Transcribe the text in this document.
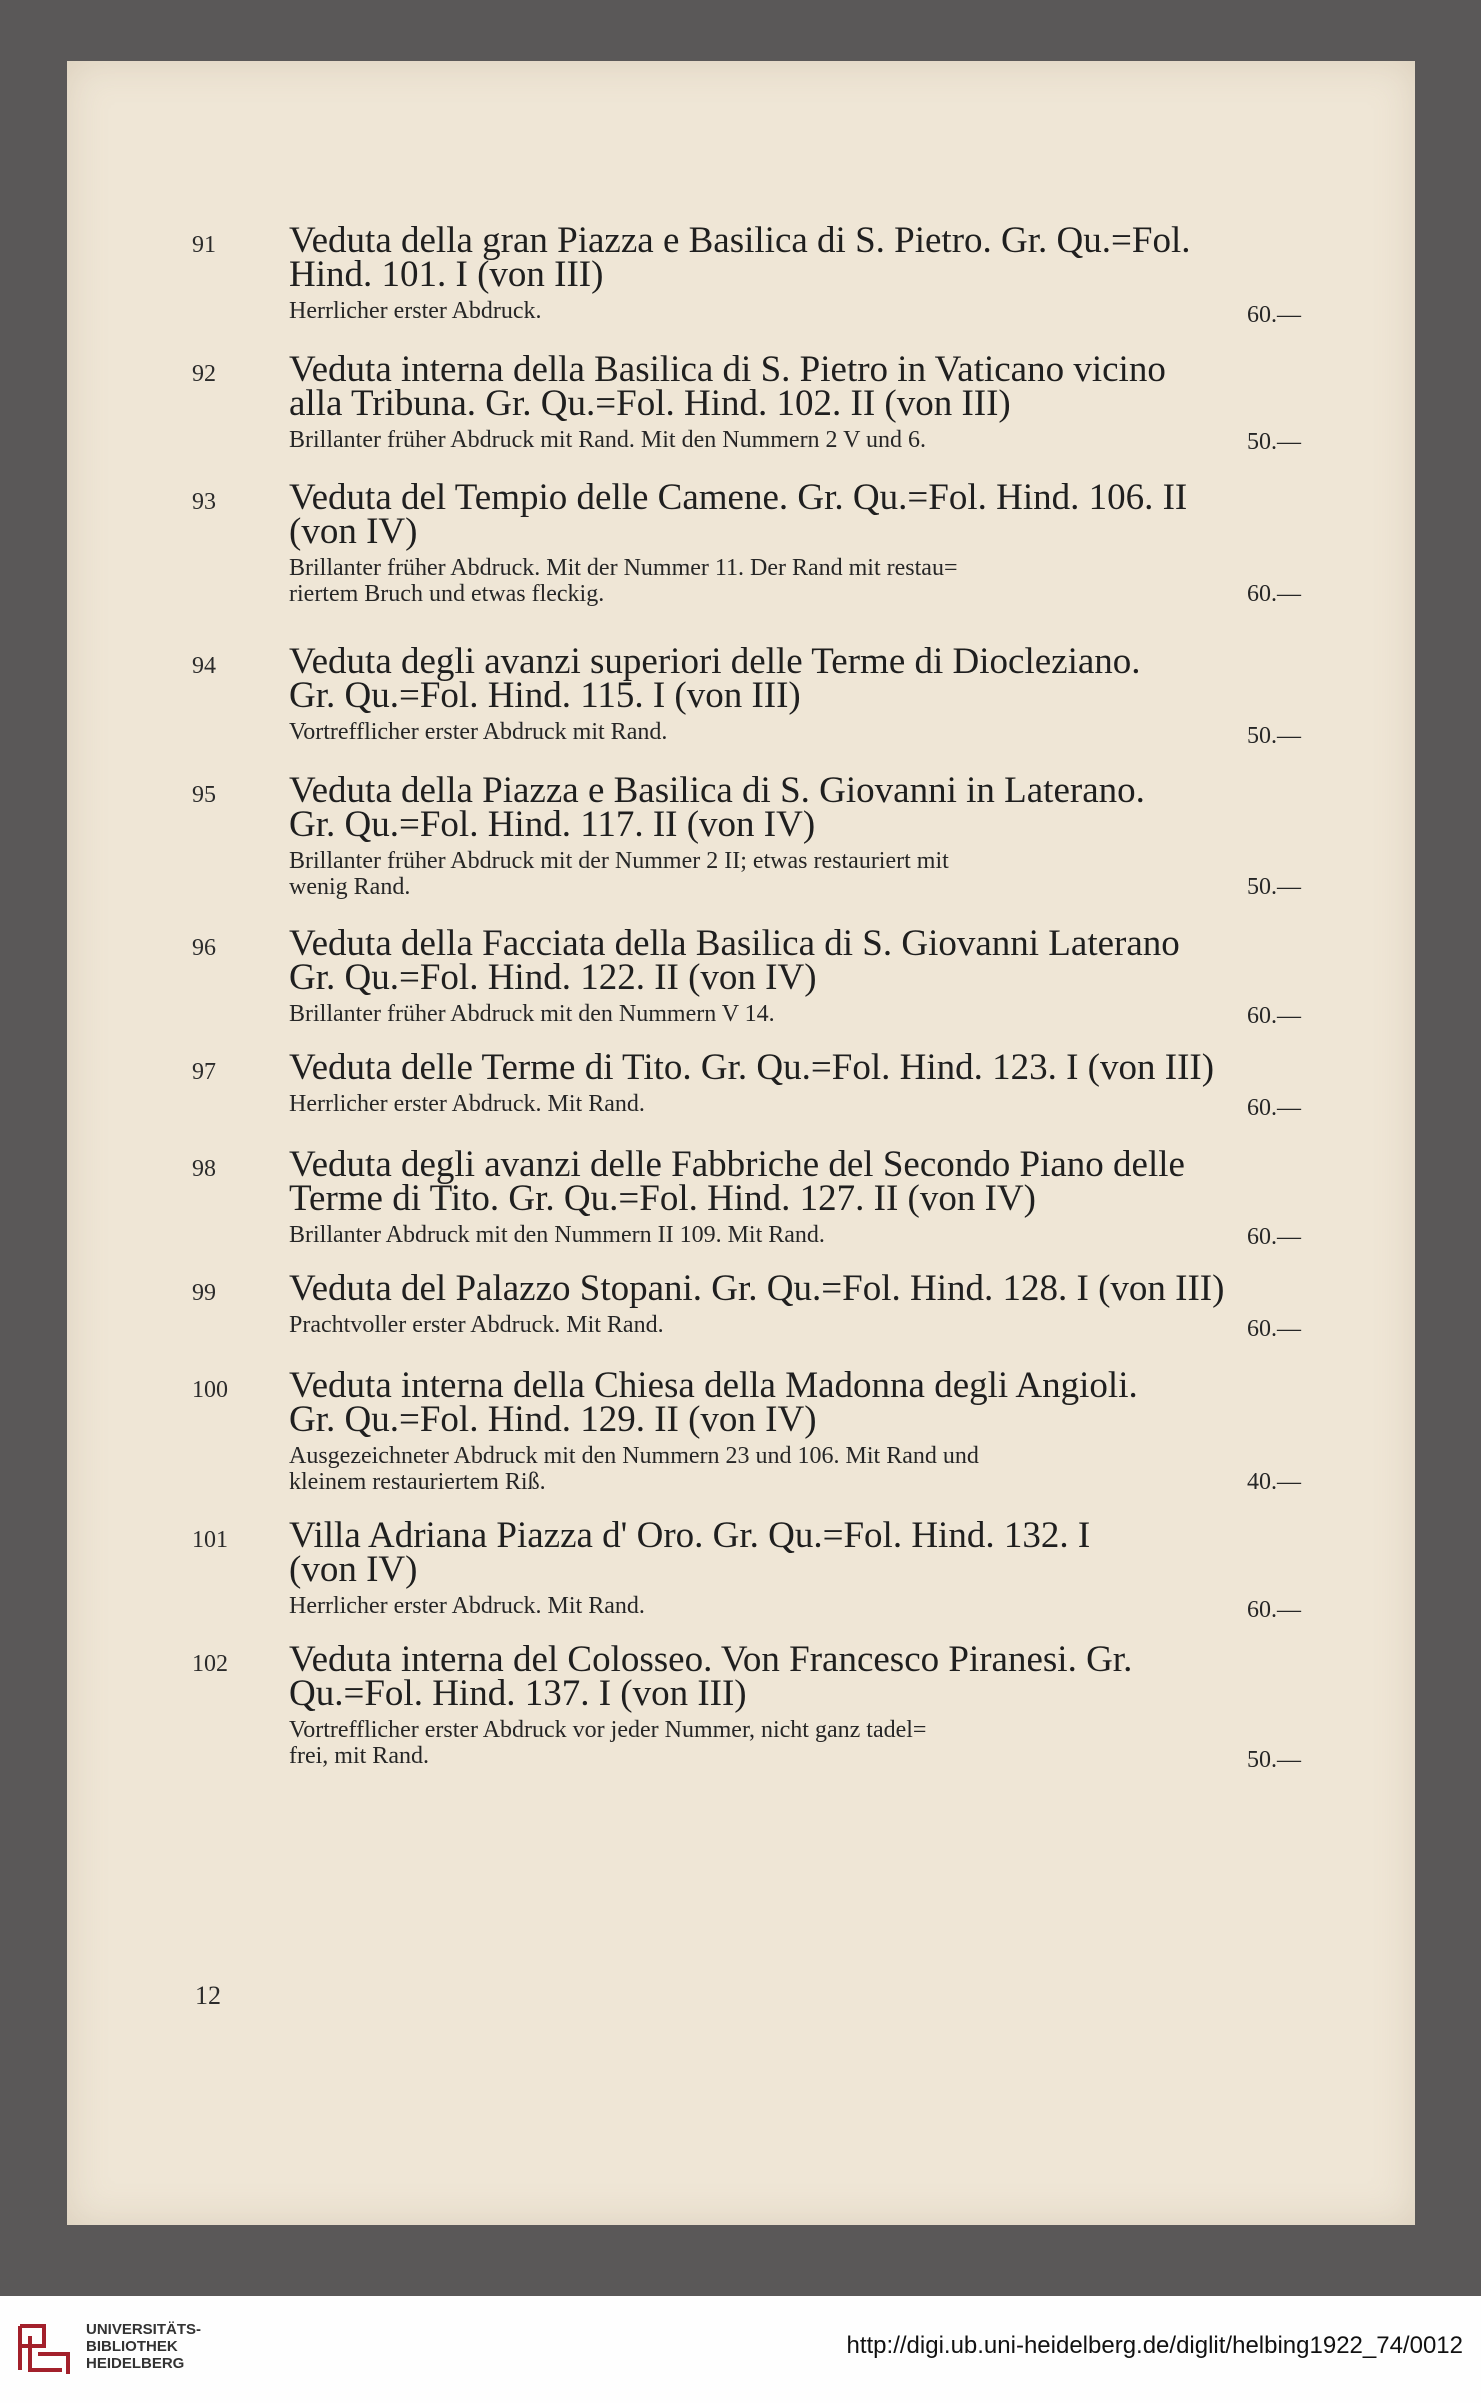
91	Veduta della gran Piazza e Basilica di S. Pietro. Gr. Qu.=Fol.
Hind. 101. I (von III)
Herrlicher erster Abdruck.	60.—
92	Veduta interna della Basilica di S. Pietro in Vaticano vicino
alla Tribuna. Gr. Qu.=Fol. Hind. 102. II (von III)
Brillanter früher Abdruck mit Rand. Mit den Nummern 2 V und 6.	50.—
93	Veduta del Tempio delle Camene. Gr. Qu.=Fol. Hind. 106. II
(von IV)
Brillanter früher Abdruck. Mit der Nummer 11. Der Rand mit restau=
riertem Bruch und etwas fleckig.	60.—
94	Veduta degli avanzi superiori delle Terme di Diocleziano.
Gr. Qu.=Fol. Hind. 115. I (von III)
Vortrefflicher erster Abdruck mit Rand.	50.—
95	Veduta della Piazza e Basilica di S. Giovanni in Laterano.
Gr. Qu.=Fol. Hind. 117. II (von IV)
Brillanter früher Abdruck mit der Nummer 2 II; etwas restauriert mit
wenig Rand.	50.—
96	Veduta della Facciata della Basilica di S. Giovanni Laterano
Gr. Qu.=Fol. Hind. 122. II (von IV)
Brillanter früher Abdruck mit den Nummern V 14.	60.—
97	Veduta delle Terme di Tito. Gr. Qu.=Fol. Hind. 123. I (von III)
Herrlicher erster Abdruck. Mit Rand.	60.—
98	Veduta degli avanzi delle Fabbriche del Secondo Piano delle
Terme di Tito. Gr. Qu.=Fol. Hind. 127. II (von IV)
Brillanter Abdruck mit den Nummern II 109. Mit Rand.	60.—
99	Veduta del Palazzo Stopani. Gr. Qu.=Fol. Hind. 128. I (von III)
Prachtvoller erster Abdruck. Mit Rand.	60.—
100	Veduta interna della Chiesa della Madonna degli Angioli.
Gr. Qu.=Fol. Hind. 129. II (von IV)
Ausgezeichneter Abdruck mit den Nummern 23 und 106. Mit Rand und
kleinem restauriertem Riß.	40.—
101	Villa Adriana Piazza d' Oro. Gr. Qu.=Fol. Hind. 132. I
(von IV)
Herrlicher erster Abdruck. Mit Rand.	60.—
102	Veduta interna del Colosseo. Von Francesco Piranesi. Gr.
Qu.=Fol. Hind. 137. I (von III)
Vortrefflicher erster Abdruck vor jeder Nummer, nicht ganz tadel=
frei, mit Rand.	50.—
12
UNIVERSITÄTS-
BIBLIOTHEK
HEIDELBERG
http://digi.ub.uni-heidelberg.de/diglit/helbing1922_74/0012
